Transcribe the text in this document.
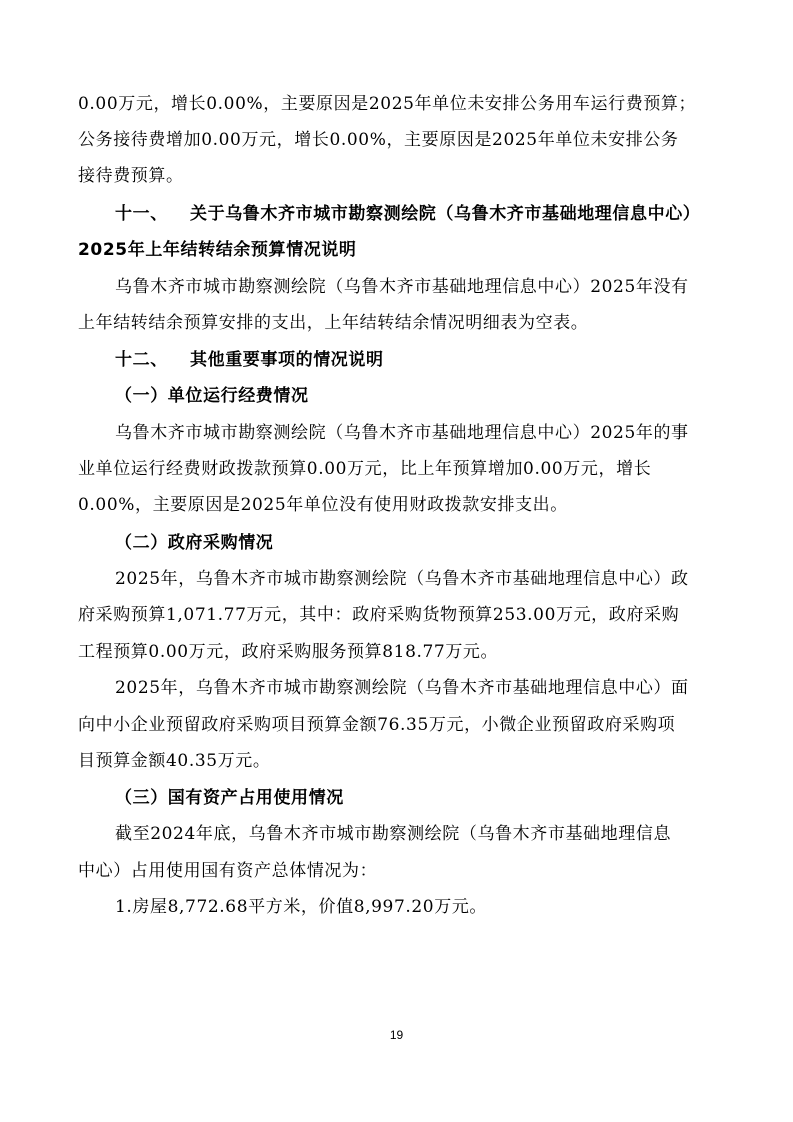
0.00万元，增长0.00%，主要原因是2025年单位未安排公务用车运行费预算；
公务接待费增加0.00万元，增长0.00%，主要原因是2025年单位未安排公务
接待费预算。
十一、 关于乌鲁木齐市城市勘察测绘院（乌鲁木齐市基础地理信息中心）
2025年上年结转结余预算情况说明
乌鲁木齐市城市勘察测绘院（乌鲁木齐市基础地理信息中心）2025年没有
上年结转结余预算安排的支出，上年结转结余情况明细表为空表。
十二、 其他重要事项的情况说明
（一）单位运行经费情况
乌鲁木齐市城市勘察测绘院（乌鲁木齐市基础地理信息中心）2025年的事
业单位运行经费财政拨款预算0.00万元，比上年预算增加0.00万元，增长
0.00%，主要原因是2025年单位没有使用财政拨款安排支出。
（二）政府采购情况
2025年，乌鲁木齐市城市勘察测绘院（乌鲁木齐市基础地理信息中心）政
府采购预算1,071.77万元，其中：政府采购货物预算253.00万元，政府采购
工程预算0.00万元，政府采购服务预算818.77万元。
2025年，乌鲁木齐市城市勘察测绘院（乌鲁木齐市基础地理信息中心）面
向中小企业预留政府采购项目预算金额76.35万元，小微企业预留政府采购项
目预算金额40.35万元。
（三）国有资产占用使用情况
截至2024年底，乌鲁木齐市城市勘察测绘院（乌鲁木齐市基础地理信息
中心）占用使用国有资产总体情况为：
1.房屋8,772.68平方米，价值8,997.20万元。
19
